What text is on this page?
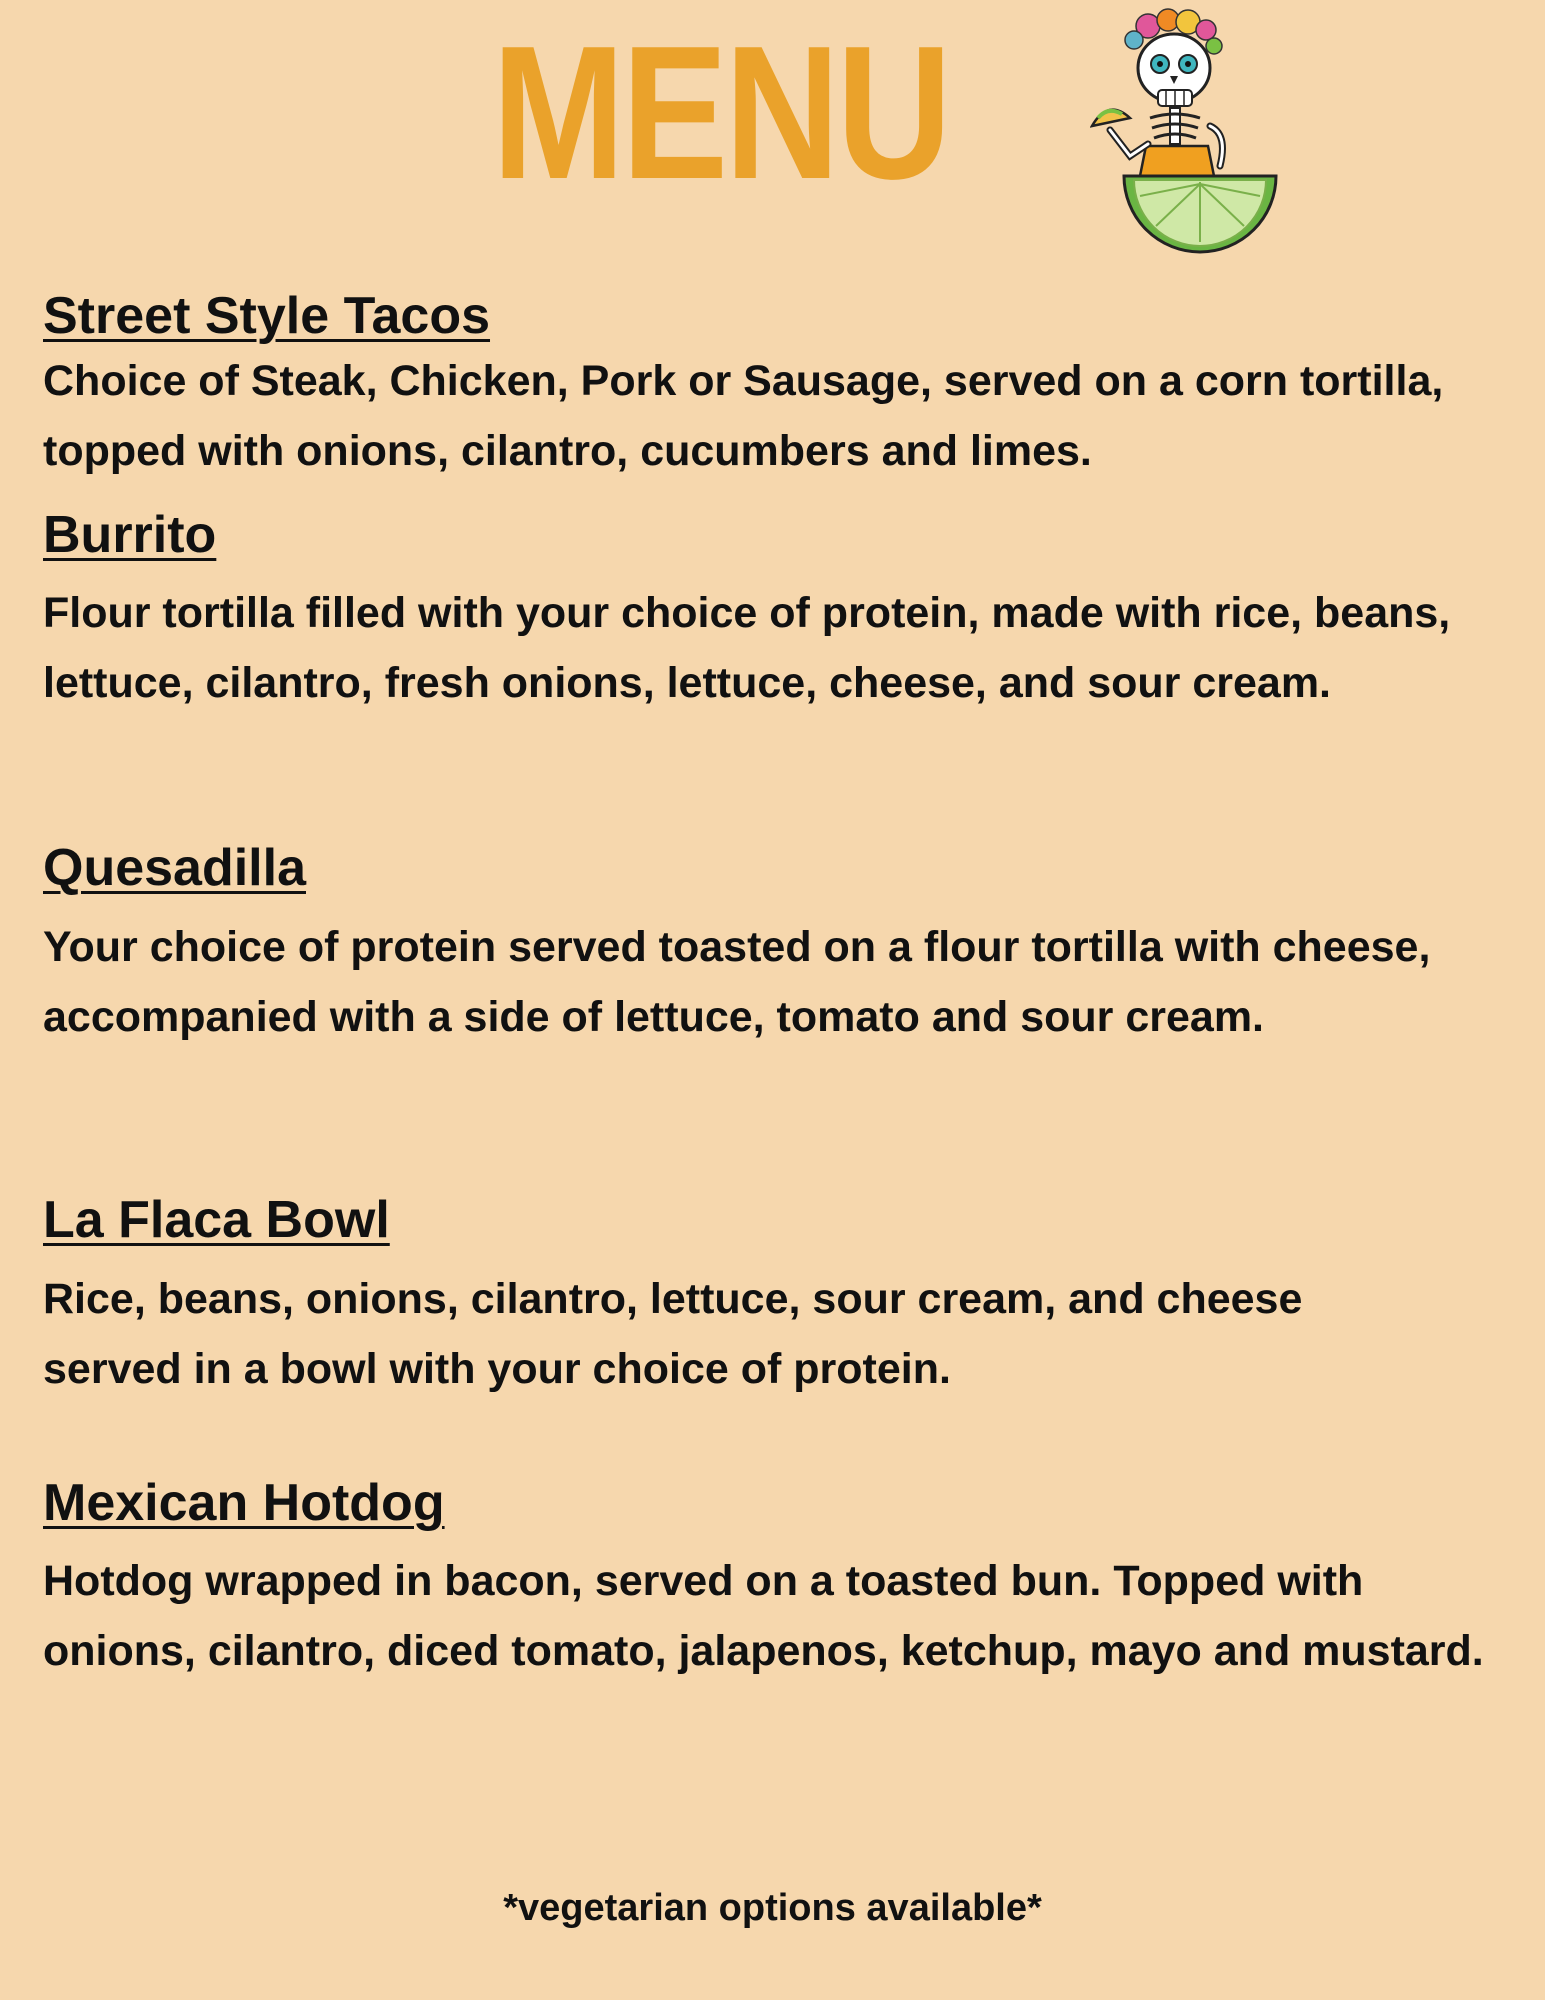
MENU
Street Style Tacos

Choice of Steak, Chicken, Pork or Sausage, served on a corn tortilla, topped with onions, cilantro, cucumbers and limes.

Burrito

Flour tortilla filled with your choice of protein, made with rice, beans, lettuce, cilantro, fresh onions, lettuce, cheese, and sour cream.

Quesadilla

Your choice of protein served toasted on a flour tortilla with cheese, accompanied with a side of lettuce, tomato and sour cream.

La Flaca Bowl

Rice, beans, onions, cilantro, lettuce, sour cream, and cheese served in a bowl with your choice of protein.

Mexican Hotdog

Hotdog wrapped in bacon, served on a toasted bun. Topped with onions, cilantro, diced tomato, jalapenos, ketchup, mayo and mustard.

*vegetarian options available*
